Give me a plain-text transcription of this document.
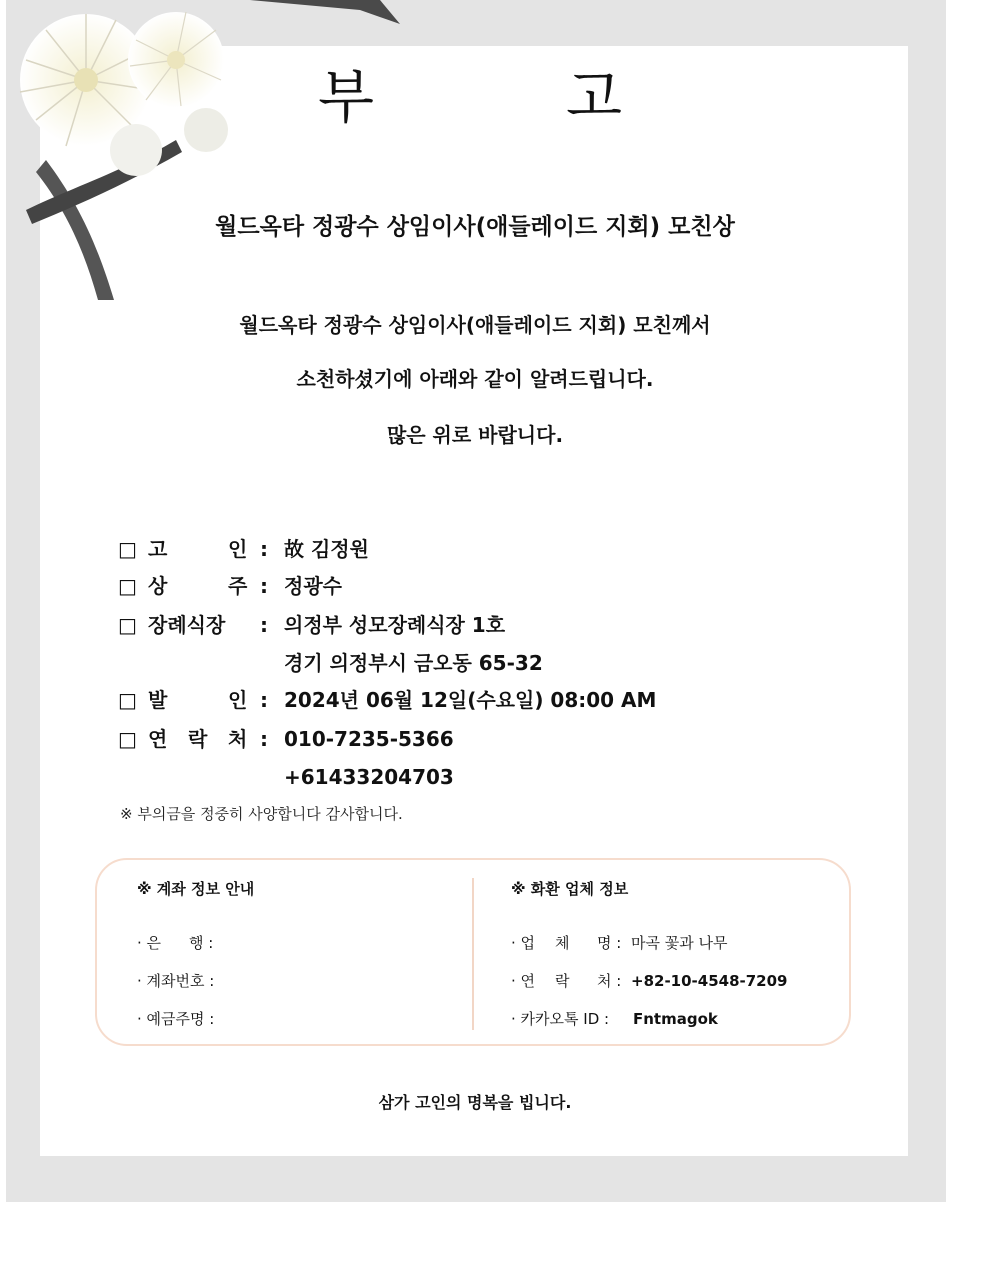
부	고
월드옥타 정광수 상임이사(애들레이드 지회) 모친상
월드옥타 정광수 상임이사(애들레이드 지회) 모친께서
소천하셨기에 아래와 같이 알려드립니다.
많은 위로 바랍니다.
□ 고	인 : 故 김정원
□ 상	주 : 정광수
□ 장례식장 : 의정부 성모장례식장 1호
경기 의정부시 금오동 65-32
□ 발	인 : 2024년 06월 12일(수요일) 08:00 AM
□ 연 락 처 : 010-7235-5366
+61433204703
※ 부의금을 정중히 사양합니다 감사합니다.
※ 계좌 정보 안내
· 은 행 :
· 계좌번호 :
· 예금주명 :
※ 화환 업체 정보
· 업 체 명 : 마곡 꽃과 나무
· 연 락 처 : +82-10-4548-7209
· 카카오톡 ID : Fntmagok
삼가 고인의 명복을 빕니다.
